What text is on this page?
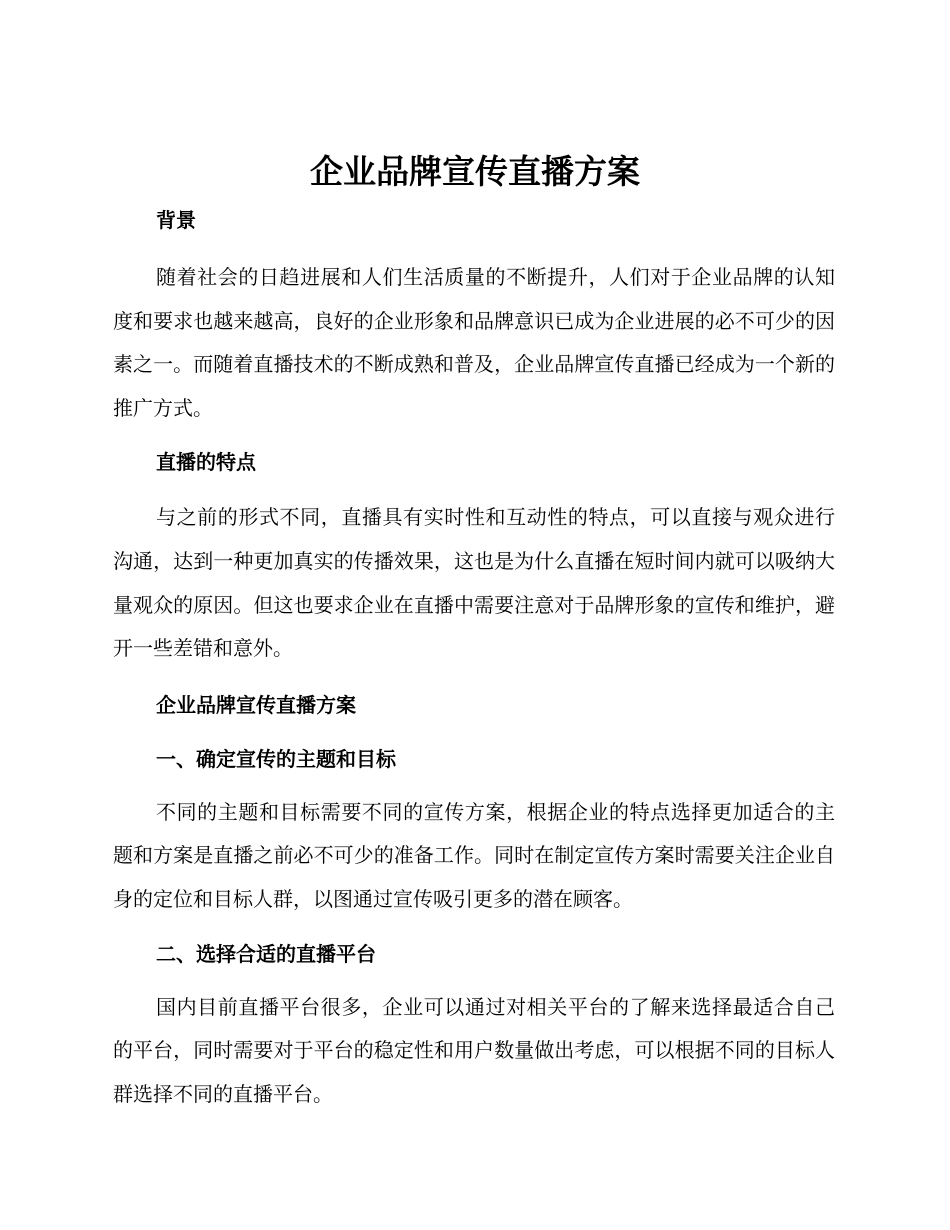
企业品牌宣传直播方案

背景

随着社会的日趋进展和人们生活质量的不断提升，人们对于企业品牌的认知度和要求也越来越高，良好的企业形象和品牌意识已成为企业进展的必不可少的因素之一。而随着直播技术的不断成熟和普及，企业品牌宣传直播已经成为一个新的推广方式。

直播的特点

与之前的形式不同，直播具有实时性和互动性的特点，可以直接与观众进行沟通，达到一种更加真实的传播效果，这也是为什么直播在短时间内就可以吸纳大量观众的原因。但这也要求企业在直播中需要注意对于品牌形象的宣传和维护，避开一些差错和意外。

企业品牌宣传直播方案

一、确定宣传的主题和目标

不同的主题和目标需要不同的宣传方案，根据企业的特点选择更加适合的主题和方案是直播之前必不可少的准备工作。同时在制定宣传方案时需要关注企业自身的定位和目标人群，以图通过宣传吸引更多的潜在顾客。

二、选择合适的直播平台

国内目前直播平台很多，企业可以通过对相关平台的了解来选择最适合自己的平台，同时需要对于平台的稳定性和用户数量做出考虑，可以根据不同的目标人群选择不同的直播平台。
